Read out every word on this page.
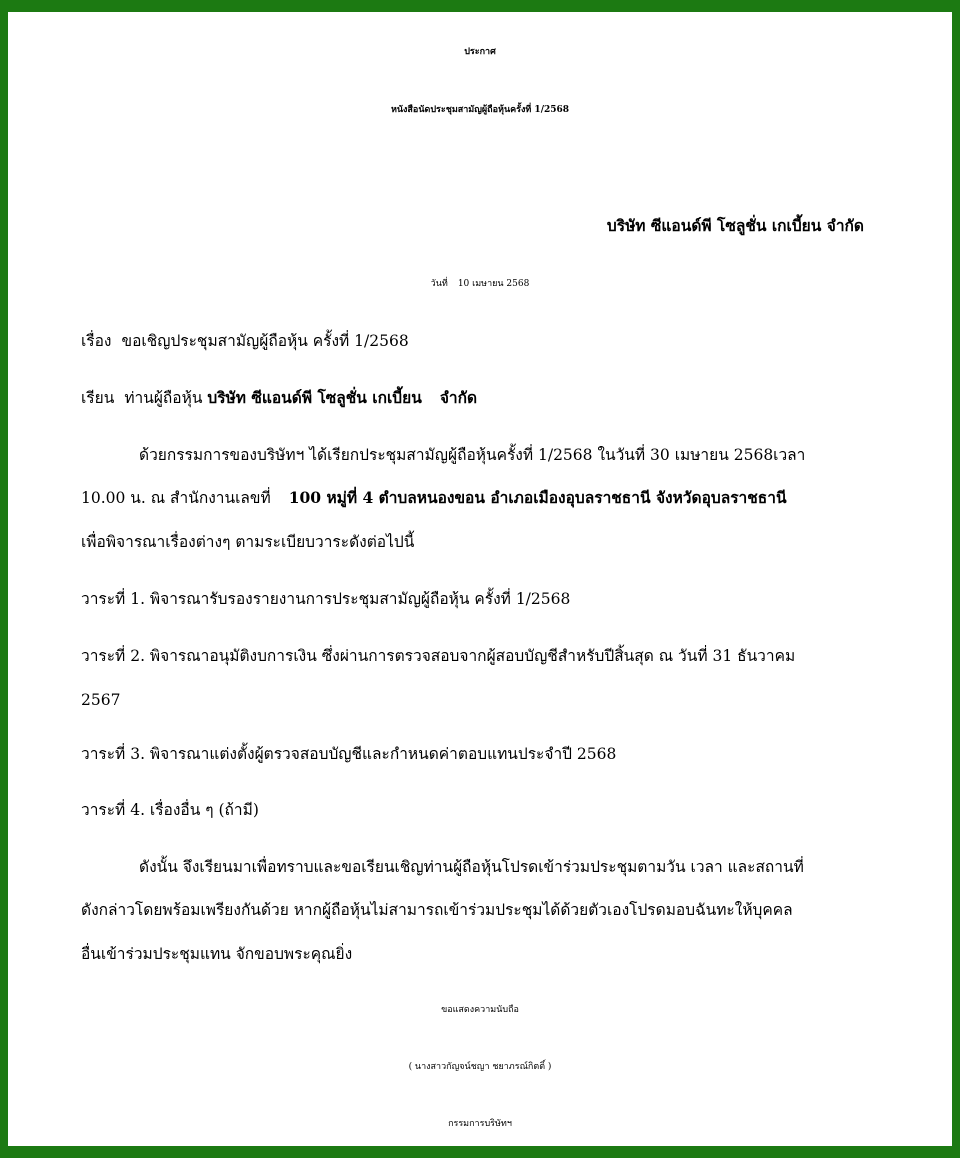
ประกาศ
หนังสือนัดประชุมสามัญผู้ถือหุ้นครั้งที่ 1/2568
บริษัท ซีแอนด์พี โซลูชั่น เกเบี้ยน จำกัด
วันที่ 10 เมษายน 2568
เรื่อง ขอเชิญประชุมสามัญผู้ถือหุ้น ครั้งที่ 1/2568
เรียน ท่านผู้ถือหุ้น บริษัท ซีแอนด์พี โซลูชั่น เกเบี้ยน จำกัด
ด้วยกรรมการของบริษัทฯ ได้เรียกประชุมสามัญผู้ถือหุ้นครั้งที่ 1/2568 ในวันที่ 30 เมษายน 2568เวลา
10.00 น. ณ สำนักงานเลขที่ 100 หมู่ที่ 4 ตำบลหนองขอน อำเภอเมืองอุบลราชธานี จังหวัดอุบลราชธานี
เพื่อพิจารณาเรื่องต่างๆ ตามระเบียบวาระดังต่อไปนี้
วาระที่ 1. พิจารณารับรองรายงานการประชุมสามัญผู้ถือหุ้น ครั้งที่ 1/2568
วาระที่ 2. พิจารณาอนุมัติงบการเงิน ซึ่งผ่านการตรวจสอบจากผู้สอบบัญชีสำหรับปีสิ้นสุด ณ วันที่ 31 ธันวาคม
2567
วาระที่ 3. พิจารณาแต่งตั้งผู้ตรวจสอบบัญชีและกำหนดค่าตอบแทนประจำปี 2568
วาระที่ 4. เรื่องอื่น ๆ (ถ้ามี)
ดังนั้น จึงเรียนมาเพื่อทราบและขอเรียนเชิญท่านผู้ถือหุ้นโปรดเข้าร่วมประชุมตามวัน เวลา และสถานที่
ดังกล่าวโดยพร้อมเพรียงกันด้วย หากผู้ถือหุ้นไม่สามารถเข้าร่วมประชุมได้ด้วยตัวเองโปรดมอบฉันทะให้บุคคล
อื่นเข้าร่วมประชุมแทน จักขอบพระคุณยิ่ง
ขอแสดงความนับถือ
( นางสาวกัญจน์ชญา ชยาภรณ์กิตติ์ )
กรรมการบริษัทฯ
